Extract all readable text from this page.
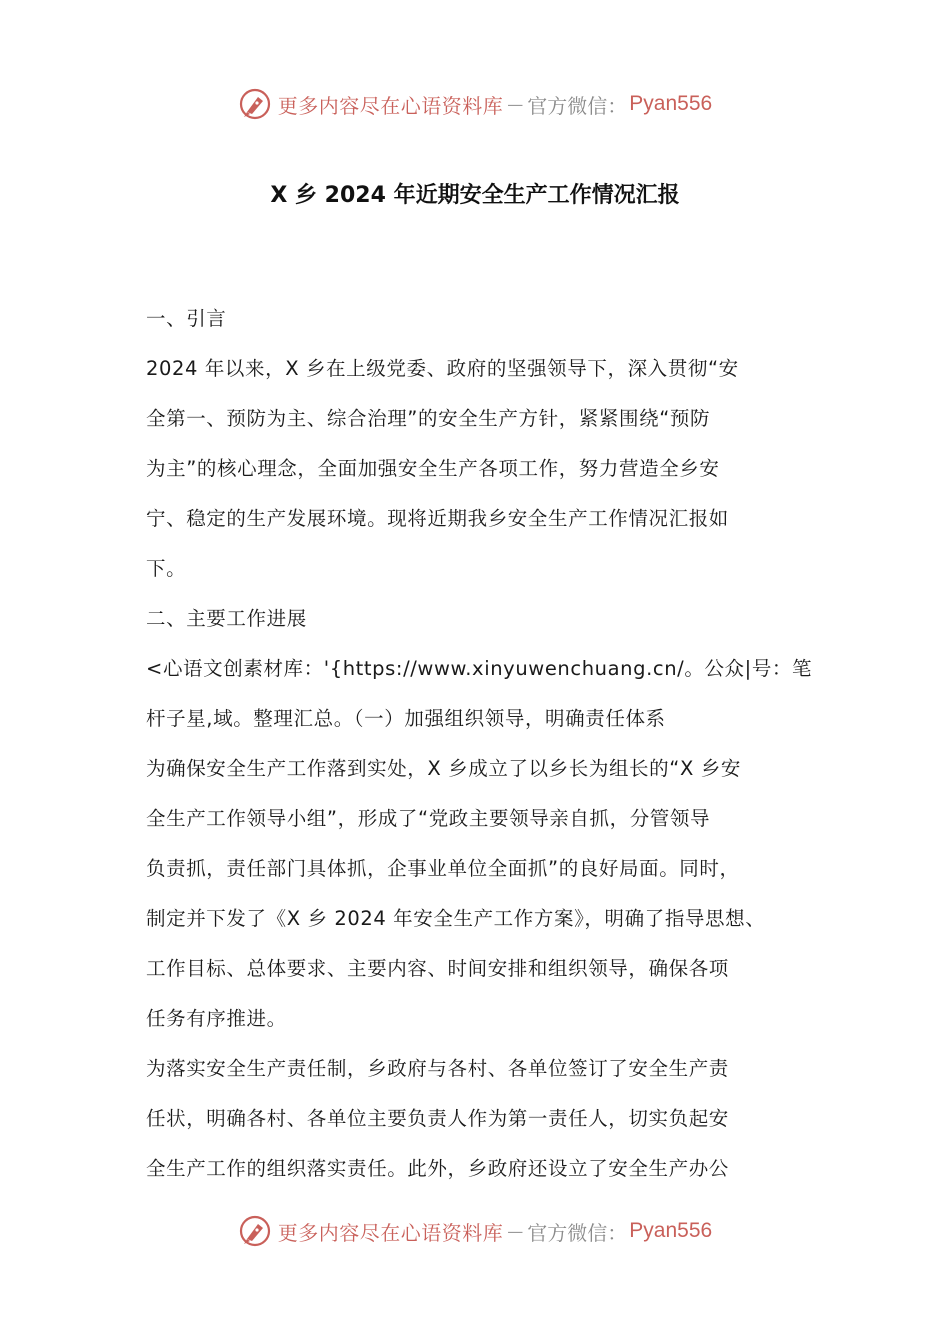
更多内容尽在心语资料库 — 官方微信： Pyan556
X 乡 2024 年近期安全生产工作情况汇报

一、引言

2024 年以来，X 乡在上级党委、政府的坚强领导下，深入贯彻“安

全第一、预防为主、综合治理”的安全生产方针，紧紧围绕“预防

为主”的核心理念，全面加强安全生产各项工作，努力营造全乡安

宁、稳定的生产发展环境。现将近期我乡安全生产工作情况汇报如

下。

二、主要工作进展

<心语文创素材库：'{https://www.xinyuwenchuang.cn/。公众|号：笔

杆子星,域。整理汇总。（一）加强组织领导，明确责任体系

为确保安全生产工作落到实处，X 乡成立了以乡长为组长的“X 乡安

全生产工作领导小组”，形成了“党政主要领导亲自抓，分管领导

负责抓，责任部门具体抓，企事业单位全面抓”的良好局面。同时，

制定并下发了《X 乡 2024 年安全生产工作方案》，明确了指导思想、

工作目标、总体要求、主要内容、时间安排和组织领导，确保各项

任务有序推进。

为落实安全生产责任制，乡政府与各村、各单位签订了安全生产责

任状，明确各村、各单位主要负责人作为第一责任人，切实负起安

全生产工作的组织落实责任。此外，乡政府还设立了安全生产办公

更多内容尽在心语资料库 — 官方微信： Pyan556
